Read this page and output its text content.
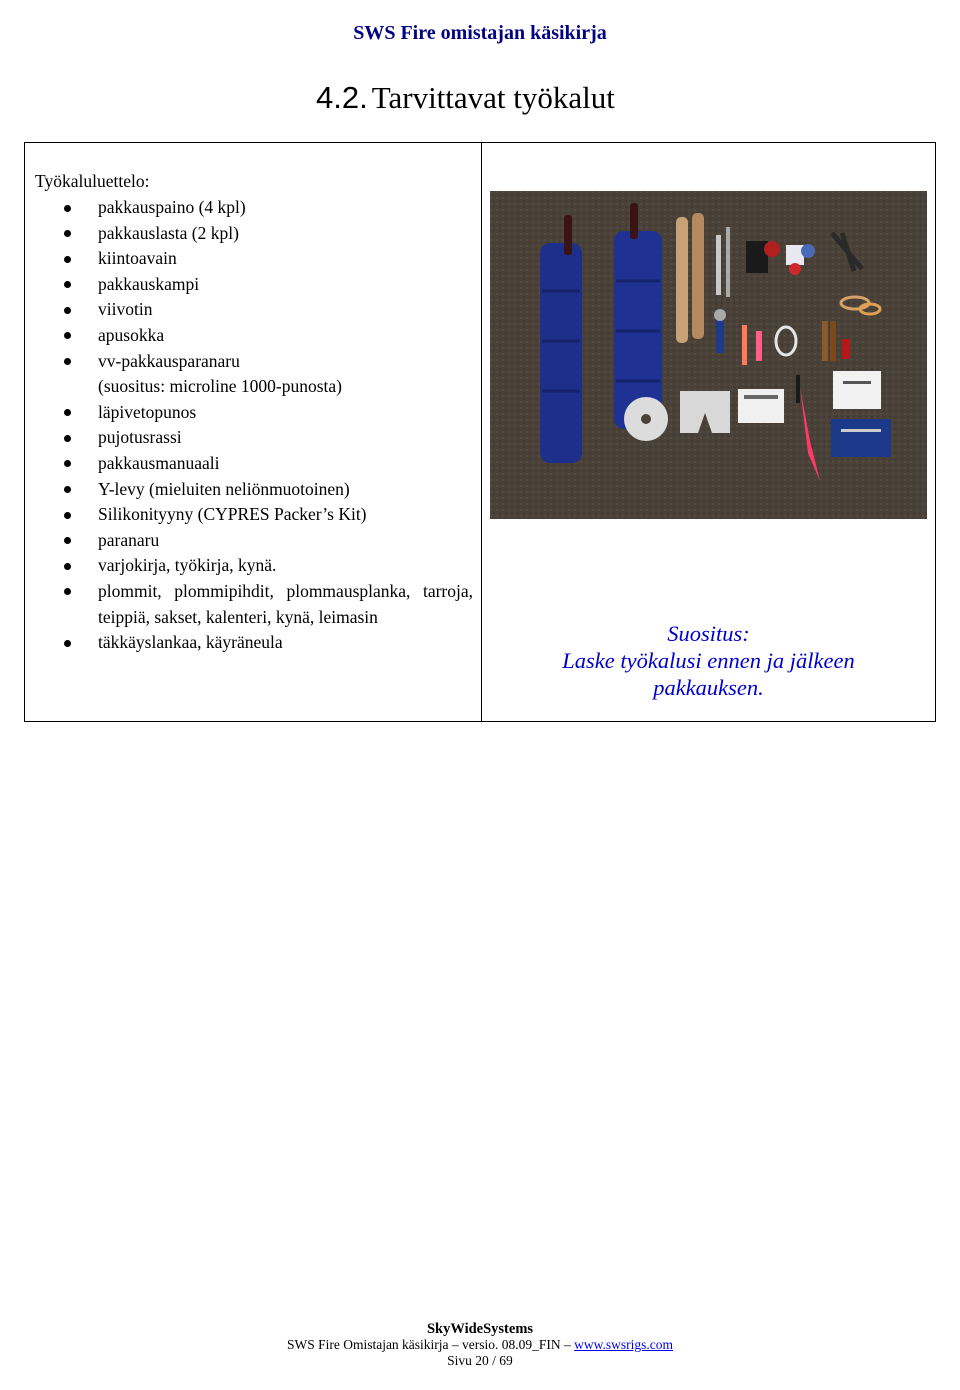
SWS Fire omistajan käsikirja
4.2. Tarvittavat työkalut
Työkaluluettelo:
pakkauspaino (4 kpl)
pakkauslasta (2 kpl)
kiintoavain
pakkauskampi
viivotin
apusokka
vv-pakkausparanaru
(suositus: microline 1000-punosta)
läpivetopunos
pujotusrassi
pakkausmanuaali
Y-levy (mieluiten neliönmuotoinen)
Silikonityyny (CYPRES Packer’s Kit)
paranaru
varjokirja, työkirja, kynä.
plommit, plommipihdit, plommausplanka, tarroja, teippiä, sakset, kalenteri, kynä, leimasin
täkkäyslankaa, käyräneula	Suositus:
Laske työkalusi ennen ja jälkeen
pakkauksen.
SkyWideSystems
SWS Fire Omistajan käsikirja – versio. 08.09_FIN – www.swsrigs.com
Sivu 20 / 69
